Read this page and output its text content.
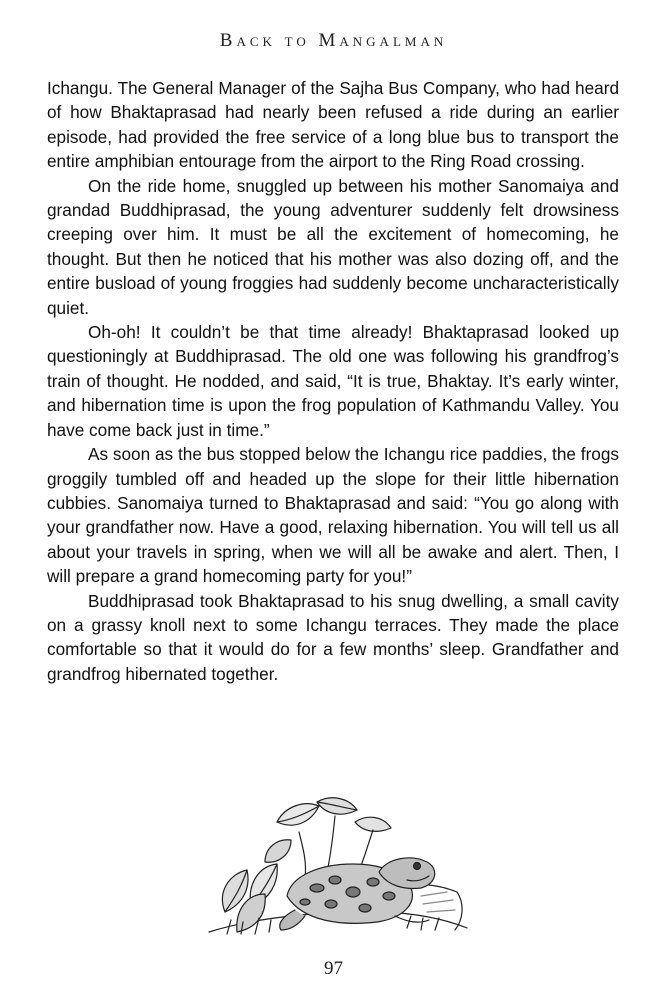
Back to Mangalman

Ichangu. The General Manager of the Sajha Bus Company, who had heard of how Bhaktaprasad had nearly been refused a ride during an earlier episode, had provided the free service of a long blue bus to transport the entire amphibian entourage from the airport to the Ring Road crossing.

On the ride home, snuggled up between his mother Sanomaiya and grandad Buddhiprasad, the young adventurer suddenly felt drowsiness creeping over him. It must be all the excitement of homecoming, he thought. But then he noticed that his mother was also dozing off, and the entire busload of young froggies had suddenly become uncharacteristically quiet.

Oh-oh! It couldn’t be that time already! Bhaktaprasad looked up questioningly at Buddhiprasad. The old one was following his grandfrog’s train of thought. He nodded, and said, “It is true, Bhaktay. It’s early winter, and hibernation time is upon the frog population of Kathmandu Valley. You have come back just in time.”

As soon as the bus stopped below the Ichangu rice paddies, the frogs groggily tumbled off and headed up the slope for their little hibernation cubbies. Sanomaiya turned to Bhaktaprasad and said: “You go along with your grandfather now. Have a good, relaxing hibernation. You will tell us all about your travels in spring, when we will all be awake and alert. Then, I will prepare a grand homecoming party for you!”

Buddhiprasad took Bhaktaprasad to his snug dwelling, a small cavity on a grassy knoll next to some Ichangu terraces. They made the place comfortable so that it would do for a few months’ sleep. Grandfather and grandfrog hibernated together.

97
